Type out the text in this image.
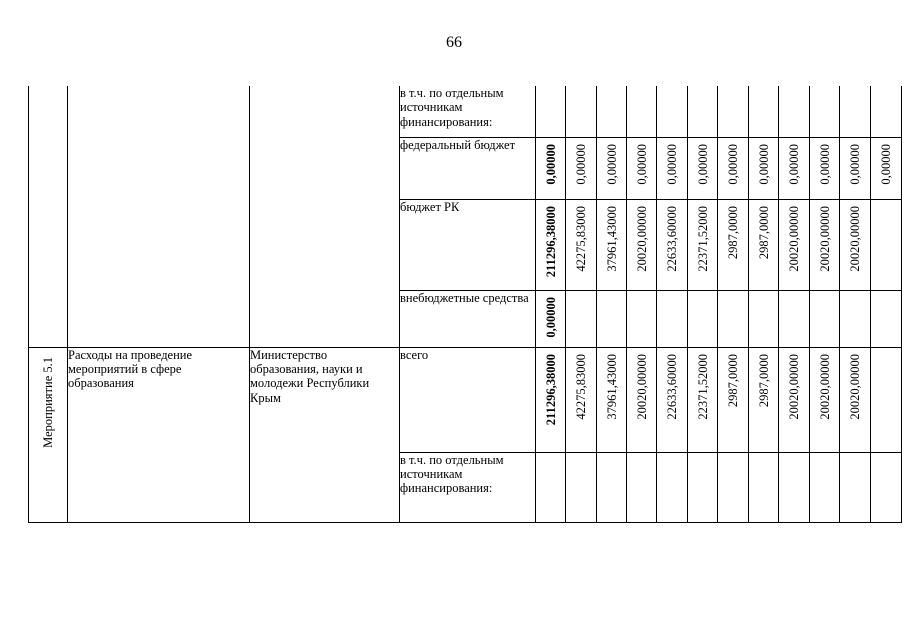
66
			в т.ч. по отдельным источникам финансирования:	

			федеральный бюджет	0,00000	0,00000	0,00000	0,00000	0,00000	0,00000	0,00000	0,00000	0,00000	0,00000	0,00000	0,00000

			бюджет РК	211296,38000	42275,83000	37961,43000	20020,00000	22633,60000	22371,52000	2987,0000	2987,0000	20020,00000	20020,00000	20020,00000	

			внебюджетные средства	0,00000											

Мероприятие 5.1	Расходы на проведение мероприятий в сфере образования	Министерство образования, науки и молодежи Республики Крым	всего	211296,38000	42275,83000	37961,43000	20020,00000	22633,60000	22371,52000	2987,0000	2987,0000	20020,00000	20020,00000	20020,00000	

			в т.ч. по отдельным источникам финансирования:	
